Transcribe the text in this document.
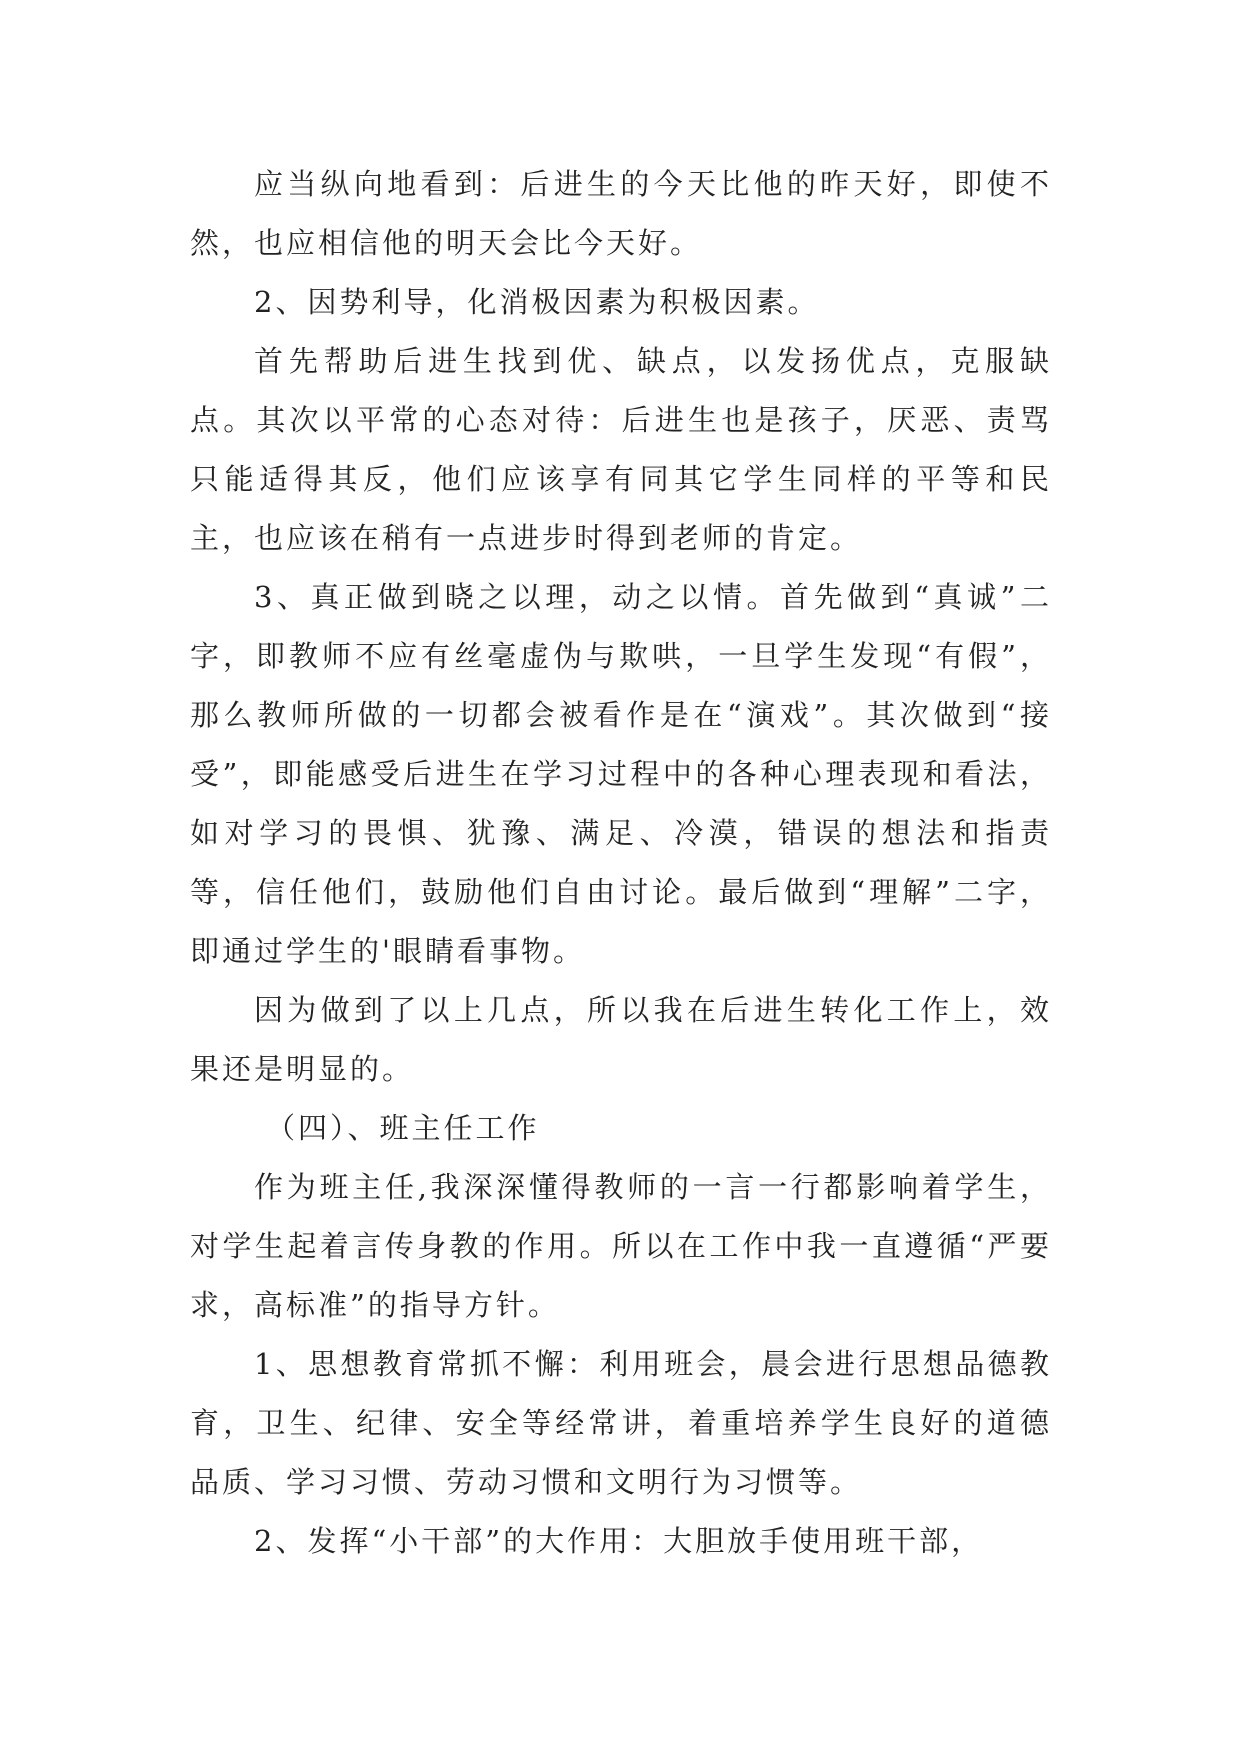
应当纵向地看到：后进生的今天比他的昨天好，即使不然，也应相信他的明天会比今天好。

2、因势利导，化消极因素为积极因素。

首先帮助后进生找到优、缺点，以发扬优点，克服缺点。其次以平常的心态对待：后进生也是孩子，厌恶、责骂只能适得其反，他们应该享有同其它学生同样的平等和民主，也应该在稍有一点进步时得到老师的肯定。

3、真正做到晓之以理，动之以情。首先做到“真诚”二字，即教师不应有丝毫虚伪与欺哄，一旦学生发现“有假”，那么教师所做的一切都会被看作是在“演戏”。其次做到“接受”，即能感受后进生在学习过程中的各种心理表现和看法，如对学习的畏惧、犹豫、满足、冷漠，错误的想法和指责等，信任他们，鼓励他们自由讨论。最后做到“理解”二字，即通过学生的'眼睛看事物。

因为做到了以上几点，所以我在后进生转化工作上，效果还是明显的。

（四）、班主任工作

作为班主任,我深深懂得教师的一言一行都影响着学生，对学生起着言传身教的作用。所以在工作中我一直遵循“严要求，高标准”的指导方针。

1、思想教育常抓不懈：利用班会，晨会进行思想品德教育，卫生、纪律、安全等经常讲，着重培养学生良好的道德品质、学习习惯、劳动习惯和文明行为习惯等。

2、发挥“小干部”的大作用：大胆放手使用班干部，
